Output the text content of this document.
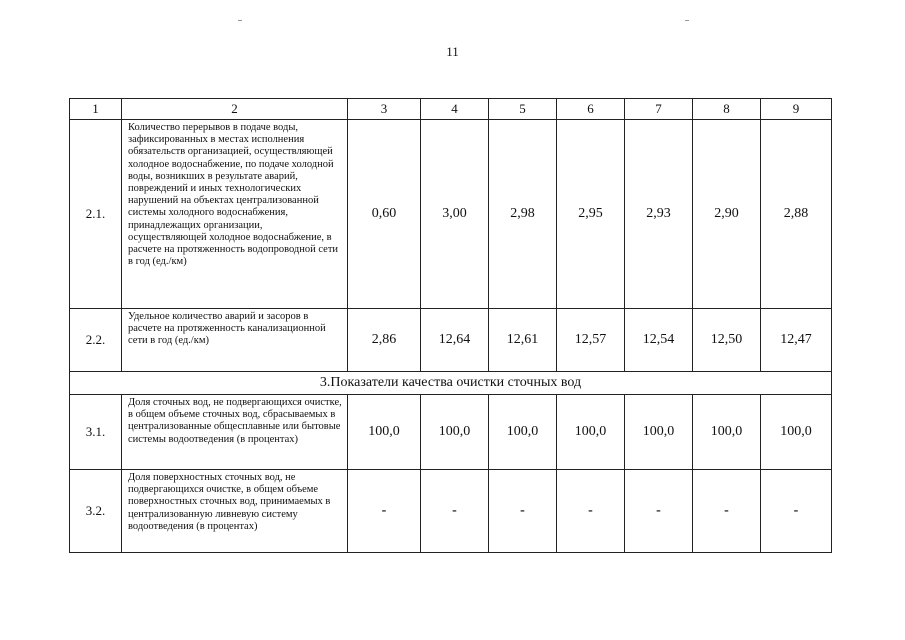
11
1	2	3	4	5	6	7	8	9
2.1.	Количество перерывов в подаче воды, зафиксированных в местах исполнения обязательств организацией, осуществляющей холодное водоснабжение, по подаче холодной воды, возникших в результате аварий, повреждений и иных технологических нарушений на объектах централизованной системы холодного водоснабжения, принадлежащих организации, осуществляющей холодное водоснабжение, в расчете на протяженность водопроводной сети в год (ед./км)	0,60	3,00	2,98	2,95	2,93	2,90	2,88
2.2.	Удельное количество аварий и засоров в расчете на протяженность канализационной сети в год (ед./км)	2,86	12,64	12,61	12,57	12,54	12,50	12,47
3.Показатели качества очистки сточных вод								
3.1.	Доля сточных вод, не подвергающихся очистке, в общем объеме сточных вод, сбрасываемых в централизованные общесплавные или бытовые системы водоотведения (в процентах)	100,0	100,0	100,0	100,0	100,0	100,0	100,0
3.2.	Доля поверхностных сточных вод, не подвергающихся очистке, в общем объеме поверхностных сточных вод, принимаемых в централизованную ливневую систему водоотведения (в процентах)	-	-	-	-	-	-	-
